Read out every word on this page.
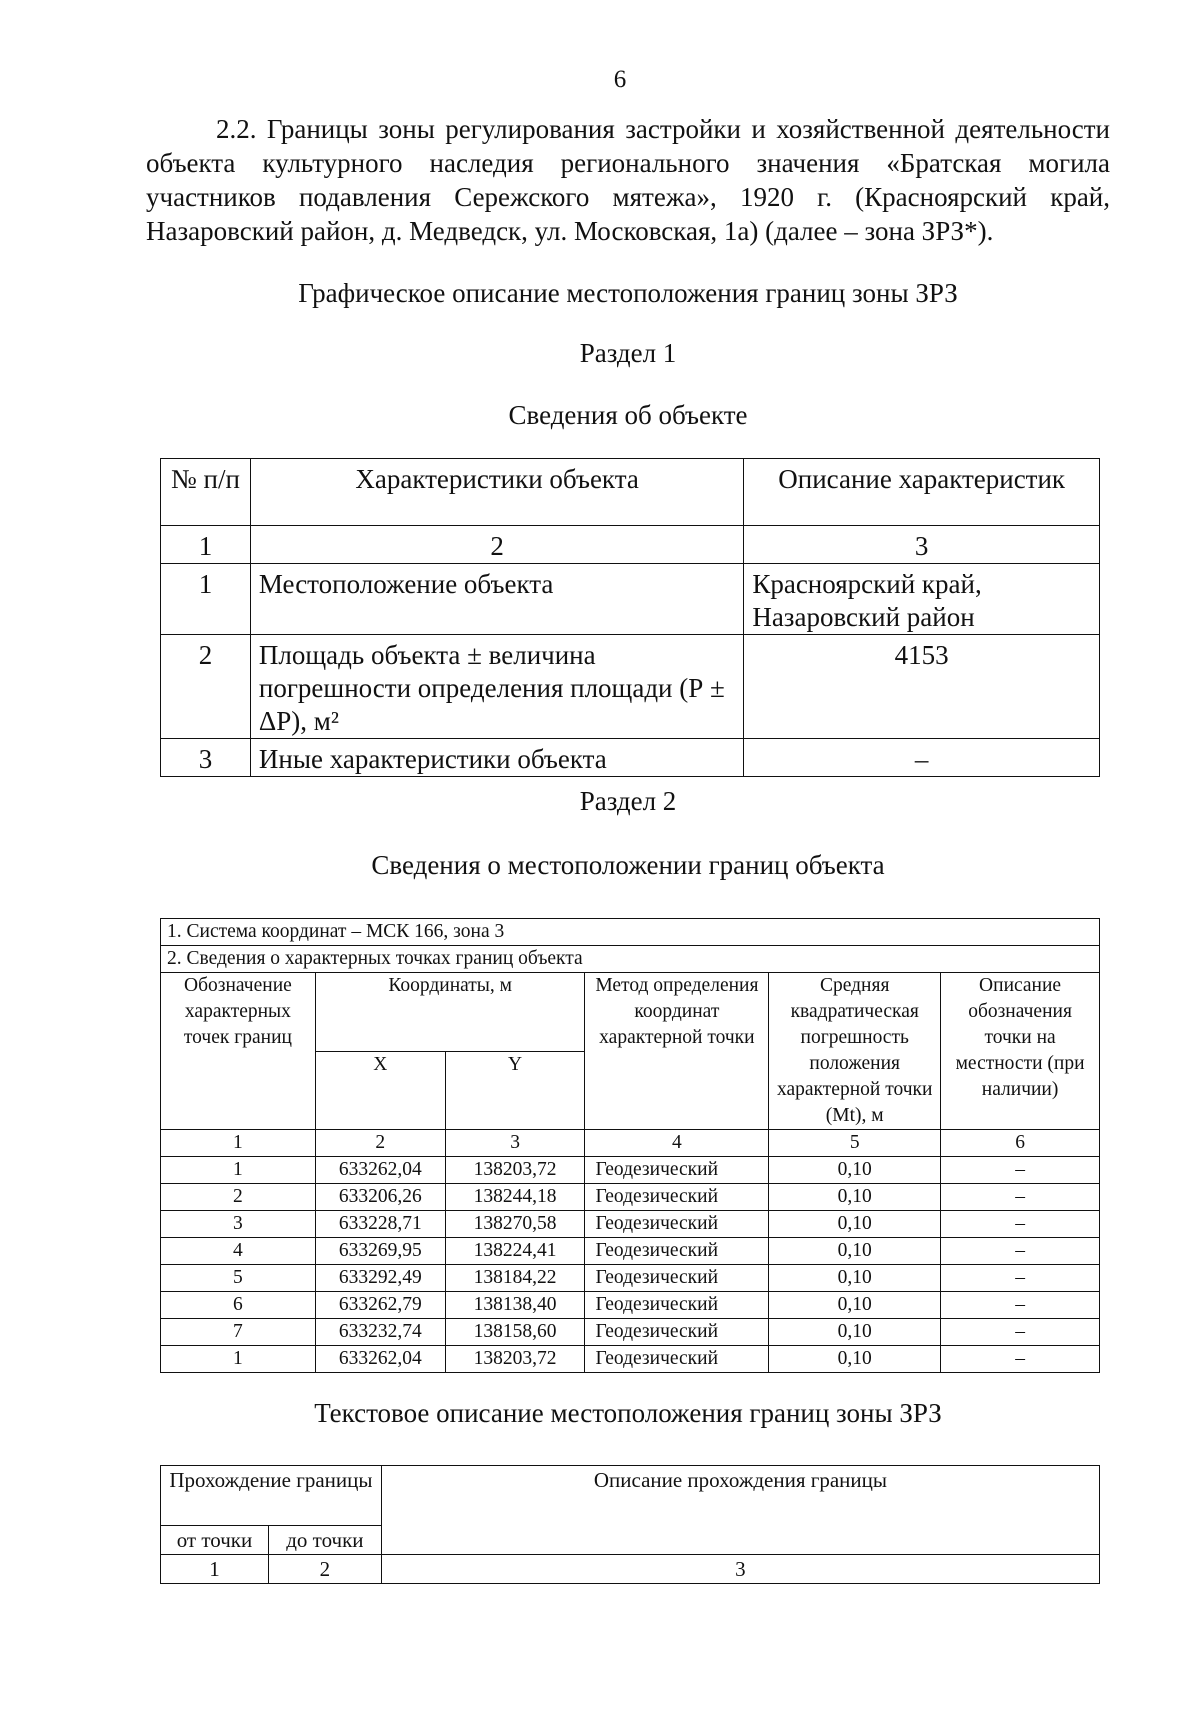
6

2.2. Границы зоны регулирования застройки и хозяйственной деятельности объекта культурного наследия регионального значения «Братская могила участников подавления Сережского мятежа», 1920 г. (Красноярский край, Назаровский район, д. Медведск, ул. Московская, 1а) (далее – зона ЗРЗ*).

Графическое описание местоположения границ зоны ЗРЗ
Раздел 1
Сведения об объекте
№ п/п	Характеристики объекта	Описание характеристик
1	2	3
1	Местоположение объекта	Красноярский край, Назаровский район
2	Площадь объекта ± величина погрешности определения площади (Р ± ΔР), м²	4153
3	Иные характеристики объекта	–
Раздел 2
Сведения о местоположении границ объекта
1. Система координат – МСК 166, зона 3					
2. Сведения о характерных точках границ объекта					
Обозначение характерных точек границ	Координаты, м		Метод определения координат характерной точки	Средняя квадратическая погрешность положения характерной точки (Mt), м	Описание обозначения точки на местности (при наличии)
	X	Y			
1	2	3	4	5	6
1	633262,04	138203,72	Геодезический	0,10	–
2	633206,26	138244,18	Геодезический	0,10	–
3	633228,71	138270,58	Геодезический	0,10	–
4	633269,95	138224,41	Геодезический	0,10	–
5	633292,49	138184,22	Геодезический	0,10	–
6	633262,79	138138,40	Геодезический	0,10	–
7	633232,74	138158,60	Геодезический	0,10	–
1	633262,04	138203,72	Геодезический	0,10	–
Текстовое описание местоположения границ зоны ЗРЗ
Прохождение границы		Описание прохождения границы
от точки	до точки	
1	2	3
